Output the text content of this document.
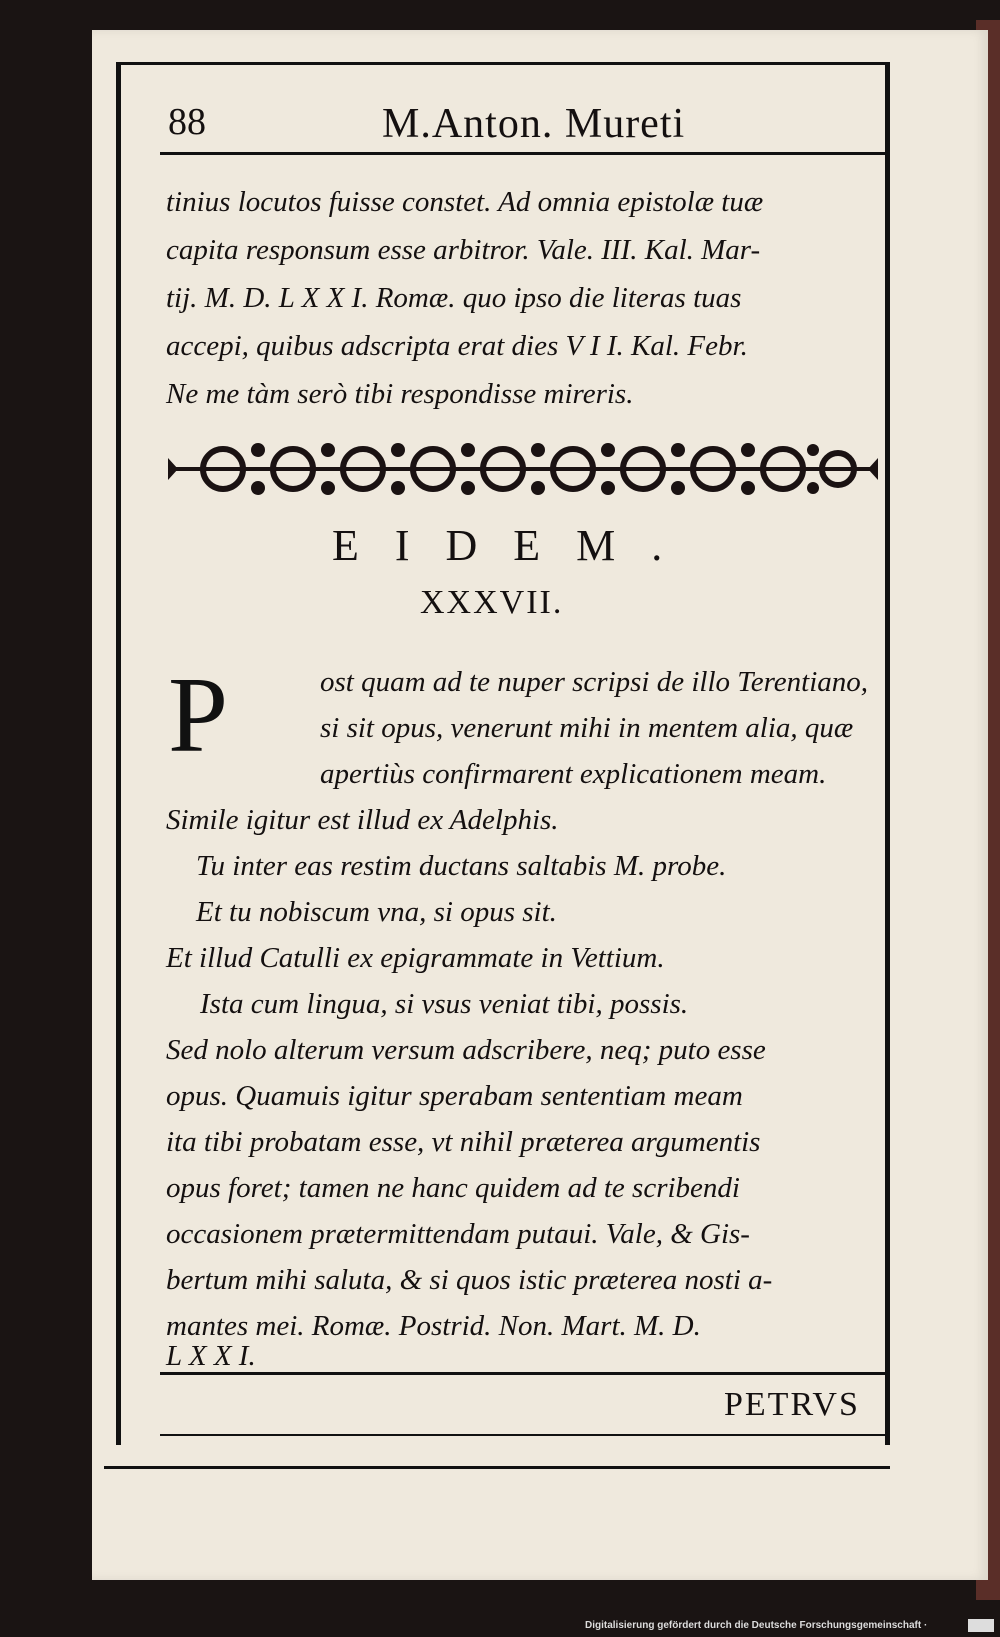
88	M.Anton. Mureti
tinius locutos fuisse constet. Ad omnia epistolæ tuæ
capita responsum esse arbitror. Vale. III. Kal. Mar-
tij. M. D. L X X I. Romæ. quo ipso die literas tuas
accepi, quibus adscripta erat dies V I I. Kal. Febr.
Ne me tàm serò tibi respondisse mireris.
EIDEM.
XXXVII.
P	ost quam ad te nuper scripsi de illo Terentiano,
si sit opus, venerunt mihi in mentem alia, quæ
apertiùs confirmarent explicationem meam.
Simile igitur est illud ex Adelphis.
Tu inter eas restim ductans saltabis M. probe.
Et tu nobiscum vna, si opus sit.
Et illud Catulli ex epigrammate in Vettium.
Ista cum lingua, si vsus veniat tibi, possis.
Sed nolo alterum versum adscribere, neq; puto esse
opus. Quamuis igitur sperabam sententiam meam
ita tibi probatam esse, vt nihil præterea argumentis
opus foret; tamen ne hanc quidem ad te scribendi
occasionem prætermittendam putaui. Vale, & Gis-
bertum mihi saluta, & si quos istic præterea nosti a-
mantes mei. Romæ. Postrid. Non. Mart. M. D.
L X X I.
PETRVS
Digitalisierung gefördert durch die Deutsche Forschungsgemeinschaft ·
